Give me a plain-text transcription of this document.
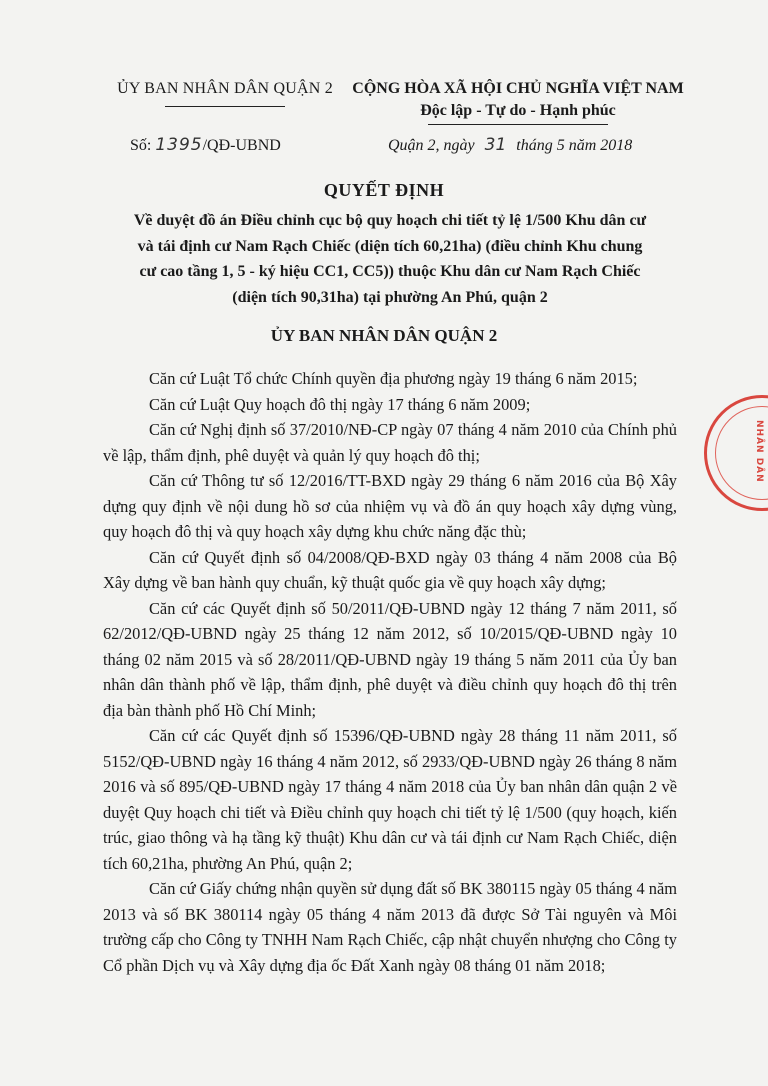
ỦY BAN NHÂN DÂN QUẬN 2	CỘNG HÒA XÃ HỘI CHỦ NGHĨA VIỆT NAM
Độc lập - Tự do - Hạnh phúc
Số: 1395/QĐ-UBND	Quận 2, ngày 31 tháng 5 năm 2018
QUYẾT ĐỊNH
Về duyệt đồ án Điều chỉnh cục bộ quy hoạch chi tiết tỷ lệ 1/500 Khu dân cư
và tái định cư Nam Rạch Chiếc (diện tích 60,21ha) (điều chỉnh Khu chung
cư cao tầng 1, 5 - ký hiệu CC1, CC5)) thuộc Khu dân cư Nam Rạch Chiếc
(diện tích 90,31ha) tại phường An Phú, quận 2
ỦY BAN NHÂN DÂN QUẬN 2

Căn cứ Luật Tổ chức Chính quyền địa phương ngày 19 tháng 6 năm 2015;

Căn cứ Luật Quy hoạch đô thị ngày 17 tháng 6 năm 2009;

Căn cứ Nghị định số 37/2010/NĐ-CP ngày 07 tháng 4 năm 2010 của Chính phủ về lập, thẩm định, phê duyệt và quản lý quy hoạch đô thị;

Căn cứ Thông tư số 12/2016/TT-BXD ngày 29 tháng 6 năm 2016 của Bộ Xây dựng quy định về nội dung hồ sơ của nhiệm vụ và đồ án quy hoạch xây dựng vùng, quy hoạch đô thị và quy hoạch xây dựng khu chức năng đặc thù;

Căn cứ Quyết định số 04/2008/QĐ-BXD ngày 03 tháng 4 năm 2008 của Bộ Xây dựng về ban hành quy chuẩn, kỹ thuật quốc gia về quy hoạch xây dựng;

Căn cứ các Quyết định số 50/2011/QĐ-UBND ngày 12 tháng 7 năm 2011, số 62/2012/QĐ-UBND ngày 25 tháng 12 năm 2012, số 10/2015/QĐ-UBND ngày 10 tháng 02 năm 2015 và số 28/2011/QĐ-UBND ngày 19 tháng 5 năm 2011 của Ủy ban nhân dân thành phố về lập, thẩm định, phê duyệt và điều chỉnh quy hoạch đô thị trên địa bàn thành phố Hồ Chí Minh;

Căn cứ các Quyết định số 15396/QĐ-UBND ngày 28 tháng 11 năm 2011, số 5152/QĐ-UBND ngày 16 tháng 4 năm 2012, số 2933/QĐ-UBND ngày 26 tháng 8 năm 2016 và số 895/QĐ-UBND ngày 17 tháng 4 năm 2018 của Ủy ban nhân dân quận 2 về duyệt Quy hoạch chi tiết và Điều chỉnh quy hoạch chi tiết tỷ lệ 1/500 (quy hoạch, kiến trúc, giao thông và hạ tầng kỹ thuật) Khu dân cư và tái định cư Nam Rạch Chiếc, diện tích 60,21ha, phường An Phú, quận 2;

Căn cứ Giấy chứng nhận quyền sử dụng đất số BK 380115 ngày 05 tháng 4 năm 2013 và số BK 380114 ngày 05 tháng 4 năm 2013 đã được Sở Tài nguyên và Môi trường cấp cho Công ty TNHH Nam Rạch Chiếc, cập nhật chuyển nhượng cho Công ty Cổ phần Dịch vụ và Xây dựng địa ốc Đất Xanh ngày 08 tháng 01 năm 2018;

NHÂN DÂN
